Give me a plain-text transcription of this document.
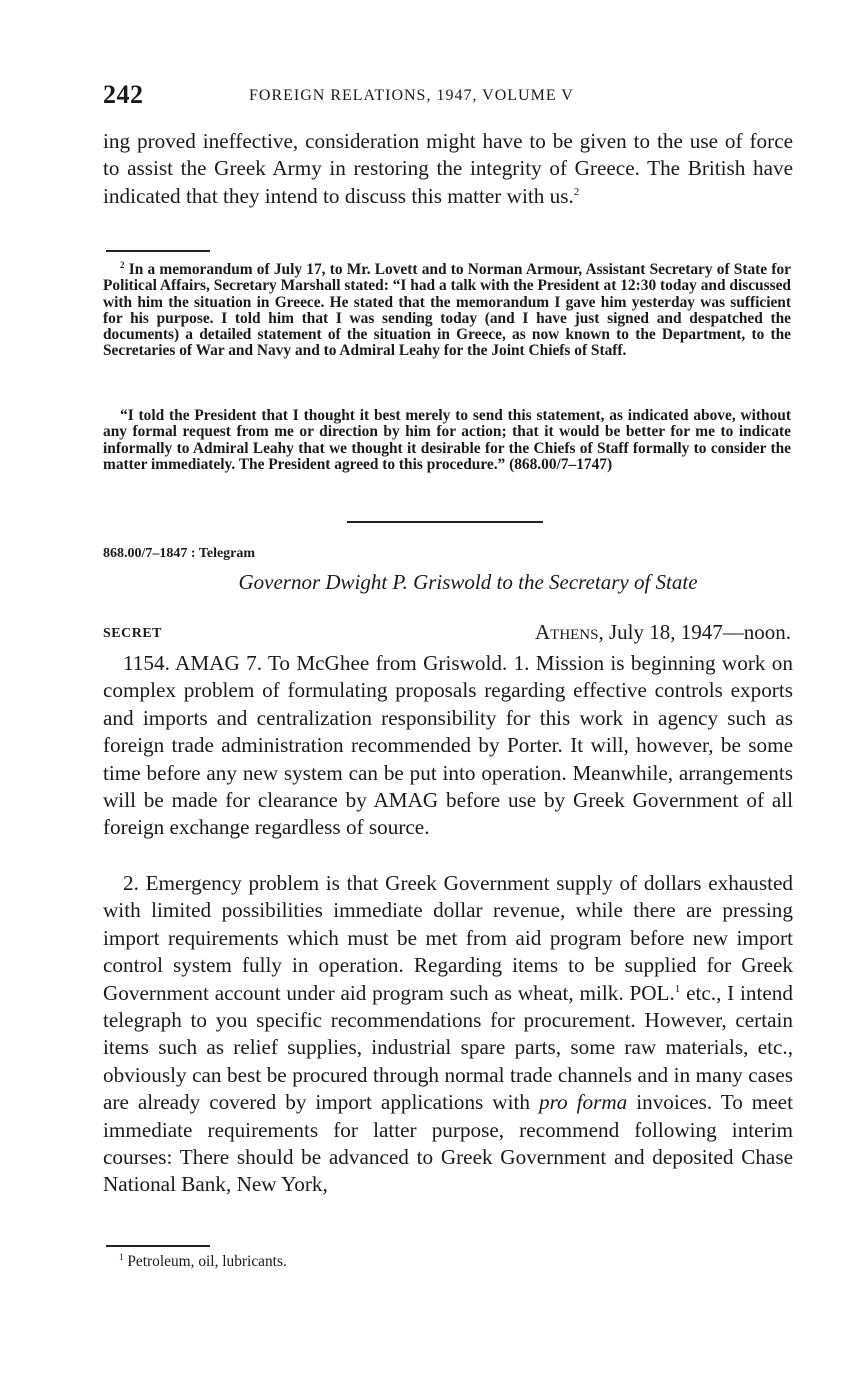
242	FOREIGN RELATIONS, 1947, VOLUME V

ing proved ineffective, consideration might have to be given to the use of force to assist the Greek Army in restoring the integrity of Greece. The British have indicated that they intend to discuss this matter with us.$^2$

$^2$ In a memorandum of July 17, to Mr. Lovett and to Norman Armour, Assistant Secretary of State for Political Affairs, Secretary Marshall stated: “I had a talk with the President at 12:30 today and discussed with him the situation in Greece. He stated that the memorandum I gave him yesterday was sufficient for his purpose. I told him that I was sending today (and I have just signed and despatched the documents) a detailed statement of the situation in Greece, as now known to the Department, to the Secretaries of War and Navy and to Admiral Leahy for the Joint Chiefs of Staff.

“I told the President that I thought it best merely to send this statement, as indicated above, without any formal request from me or direction by him for action; that it would be better for me to indicate informally to Admiral Leahy that we thought it desirable for the Chiefs of Staff formally to consider the matter immediately. The President agreed to this procedure.” (868.00/7–1747)

868.00/7–1847 : Telegram
Governor Dwight P. Griswold to the Secretary of State
SECRET	Athens, July 18, 1947—noon.

1154. AMAG 7. To McGhee from Griswold. 1. Mission is beginning work on complex problem of formulating proposals regarding effective controls exports and imports and centralization responsibility for this work in agency such as foreign trade administration recommended by Porter. It will, however, be some time before any new system can be put into operation. Meanwhile, arrangements will be made for clearance by AMAG before use by Greek Government of all foreign exchange regardless of source.

2. Emergency problem is that Greek Government supply of dollars exhausted with limited possibilities immediate dollar revenue, while there are pressing import requirements which must be met from aid program before new import control system fully in operation. Regarding items to be supplied for Greek Government account under aid program such as wheat, milk. POL.$^1$ etc., I intend telegraph to you specific recommendations for procurement. However, certain items such as relief supplies, industrial spare parts, some raw materials, etc., obviously can best be procured through normal trade channels and in many cases are already covered by import applications with pro forma invoices. To meet immediate requirements for latter purpose, recommend following interim courses: There should be advanced to Greek Government and deposited Chase National Bank, New York,

$^1$ Petroleum, oil, lubricants.
